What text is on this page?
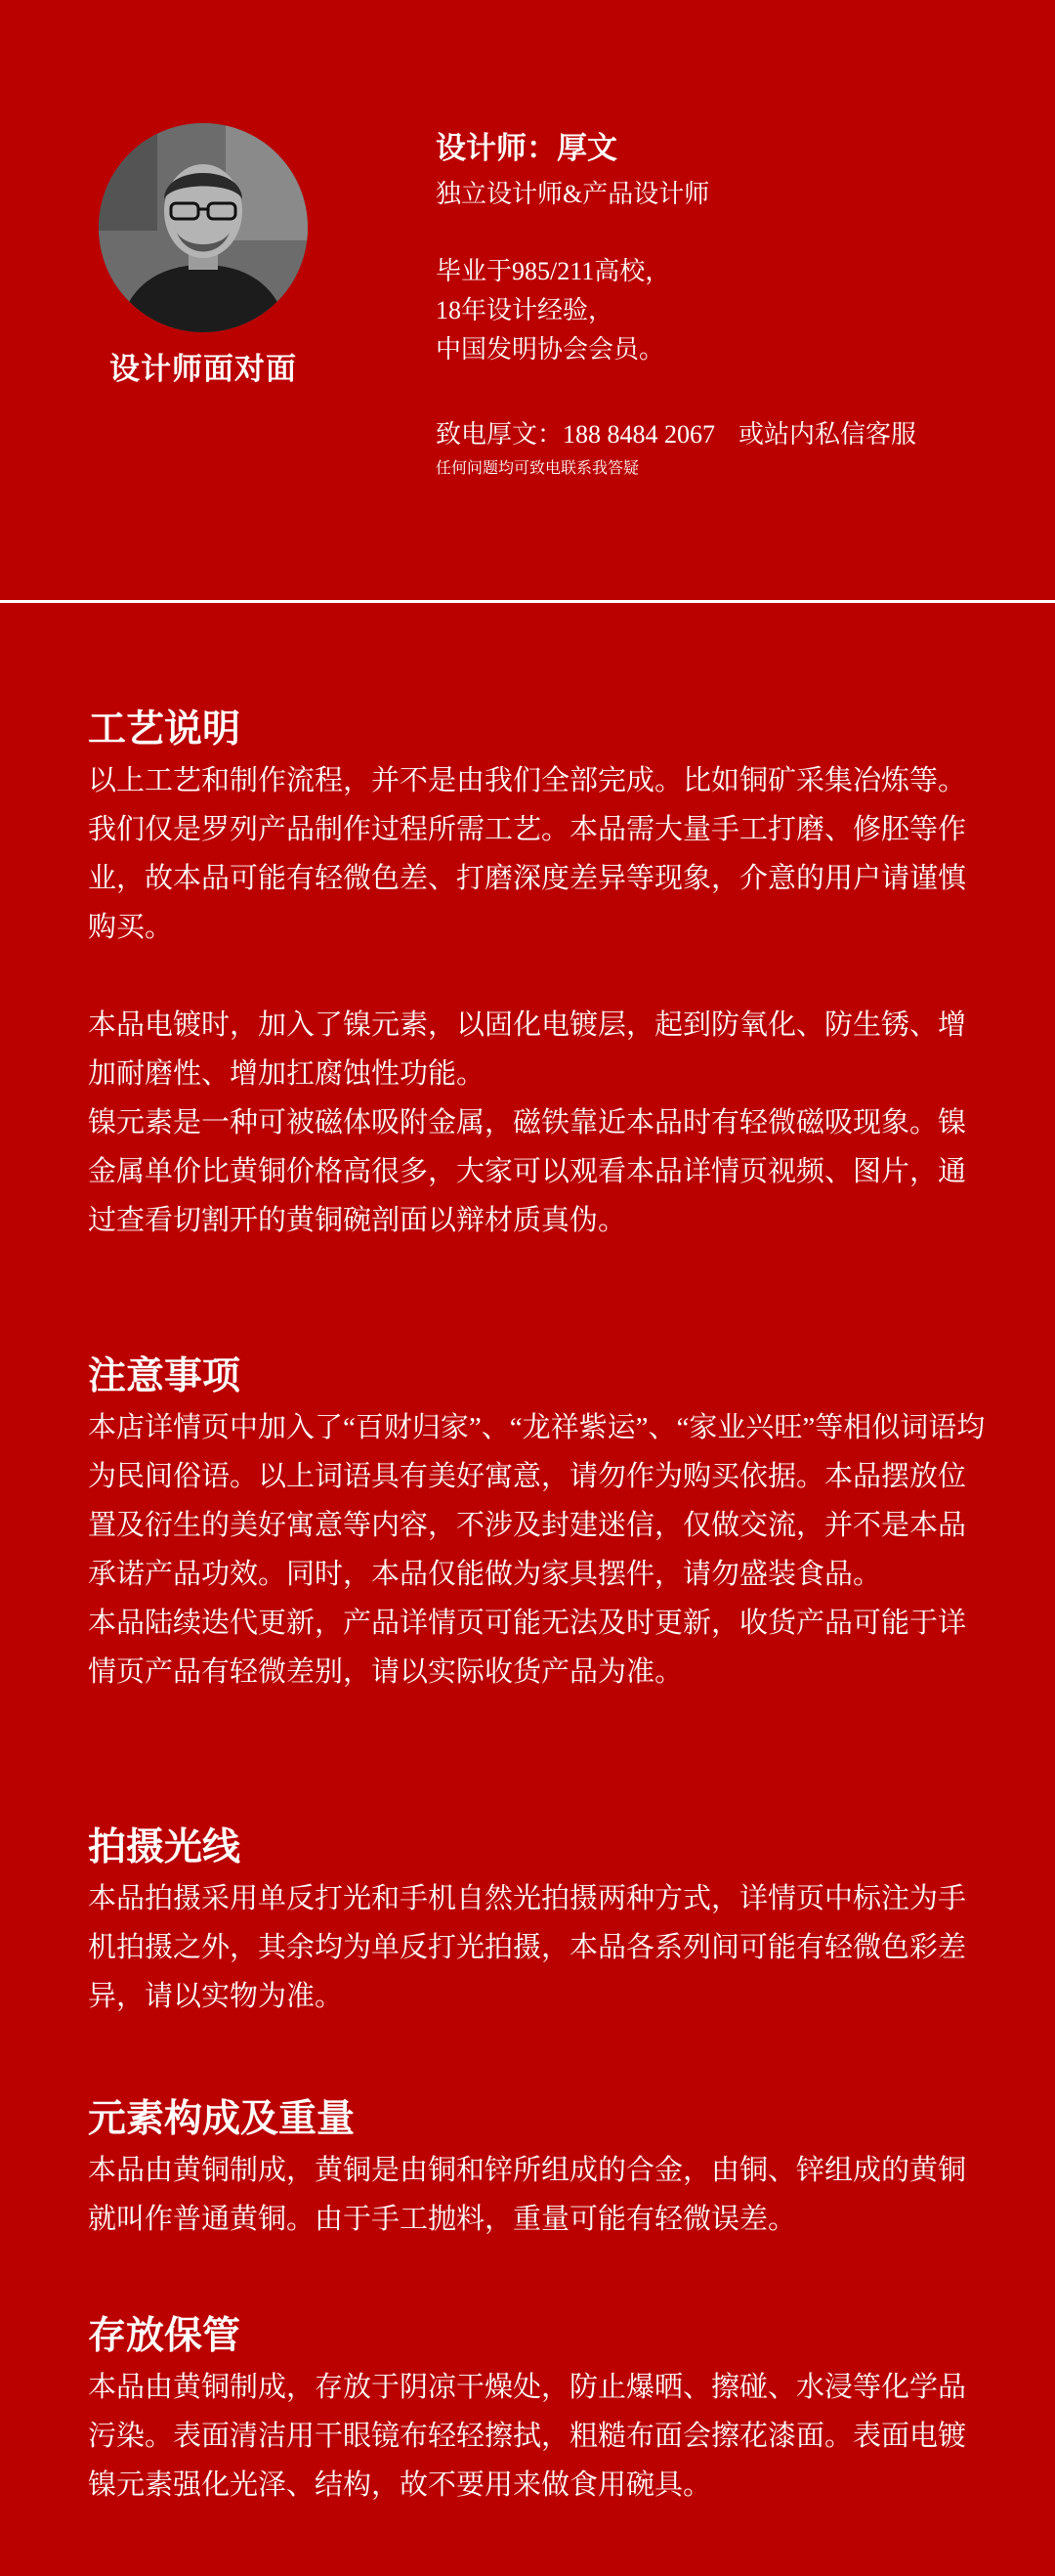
设计师面对面
设计师：厚文
独立设计师&产品设计师
毕业于985/211高校，
18年设计经验，
中国发明协会会员。
致电厚文：188 8484 2067 或站内私信客服
任何问题均可致电联系我答疑
工艺说明

以上工艺和制作流程，并不是由我们全部完成。比如铜矿采集冶炼等。我们仅是罗列产品制作过程所需工艺。本品需大量手工打磨、修胚等作业，故本品可能有轻微色差、打磨深度差异等现象，介意的用户请谨慎购买。

本品电镀时，加入了镍元素，以固化电镀层，起到防氧化、防生锈、增加耐磨性、增加扛腐蚀性功能。

镍元素是一种可被磁体吸附金属，磁铁靠近本品时有轻微磁吸现象。镍金属单价比黄铜价格高很多，大家可以观看本品详情页视频、图片，通过查看切割开的黄铜碗剖面以辩材质真伪。

注意事项

本店详情页中加入了“百财归家”、“龙祥紫运”、“家业兴旺”等相似词语均为民间俗语。以上词语具有美好寓意，请勿作为购买依据。本品摆放位置及衍生的美好寓意等内容，不涉及封建迷信，仅做交流，并不是本品承诺产品功效。同时，本品仅能做为家具摆件，请勿盛装食品。

本品陆续迭代更新，产品详情页可能无法及时更新，收货产品可能于详情页产品有轻微差别，请以实际收货产品为准。

拍摄光线

本品拍摄采用单反打光和手机自然光拍摄两种方式，详情页中标注为手机拍摄之外，其余均为单反打光拍摄，本品各系列间可能有轻微色彩差异，请以实物为准。

元素构成及重量

本品由黄铜制成，黄铜是由铜和锌所组成的合金，由铜、锌组成的黄铜就叫作普通黄铜。由于手工抛料，重量可能有轻微误差。

存放保管

本品由黄铜制成，存放于阴凉干燥处，防止爆晒、擦碰、水浸等化学品污染。表面清洁用干眼镜布轻轻擦拭，粗糙布面会擦花漆面。表面电镀镍元素强化光泽、结构，故不要用来做食用碗具。
